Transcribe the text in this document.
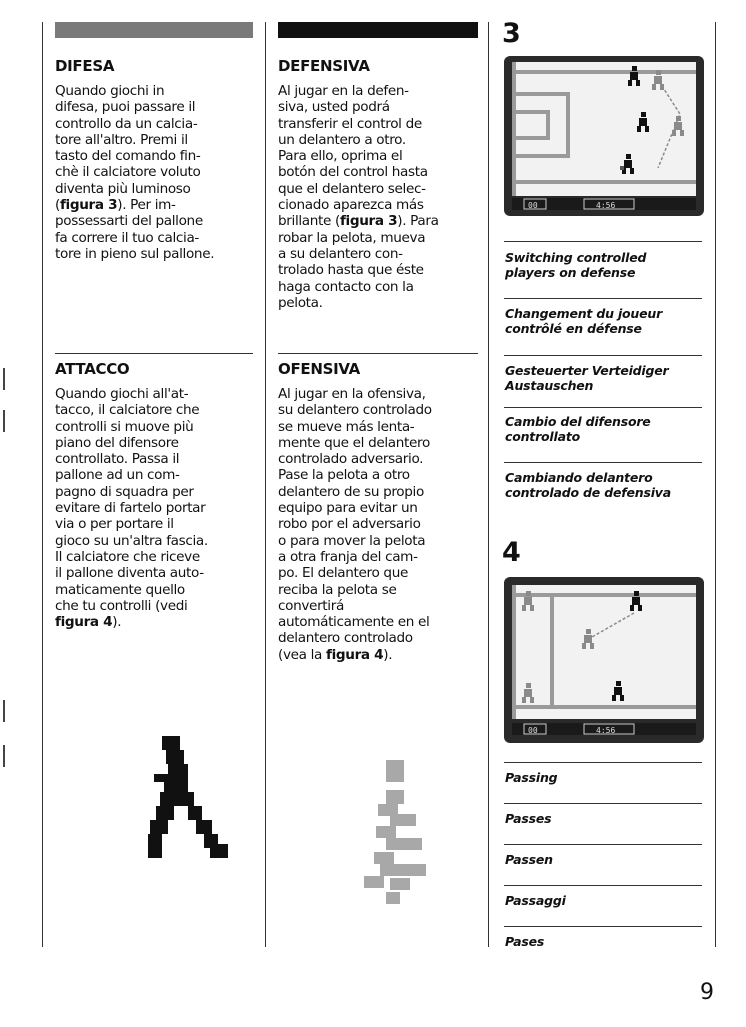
DIFESA
Quando giochi in
difesa, puoi passare il
controllo da un calcia-
tore all'altro. Premi il
tasto del comando fin-
chè il calciatore voluto
diventa più luminoso
(figura 3). Per im-
possessarti del pallone
fa correre il tuo calcia-
tore in pieno sul pallone.
DEFENSIVA
Al jugar en la defen-
siva, usted podrá
transferir el control de
un delantero a otro.
Para ello, oprima el
botón del control hasta
que el delantero selec-
cionado aparezca más
brillante (figura 3). Para
robar la pelota, mueva
a su delantero con-
trolado hasta que éste
haga contacto con la
pelota.
ATTACCO
Quando giochi all'at-
tacco, il calciatore che
controlli si muove più
piano del difensore
controllato. Passa il
pallone ad un com-
pagno di squadra per
evitare di fartelo portar
via o per portare il
gioco su un'altra fascia.
Il calciatore che riceve
il pallone diventa auto-
maticamente quello
che tu controlli (vedi
figura 4).
OFENSIVA
Al jugar en la ofensiva,
su delantero controlado
se mueve más lenta-
mente que el delantero
controlado adversario.
Pase la pelota a otro
delantero de su propio
equipo para evitar un
robo por el adversario
o para mover la pelota
a otra franja del cam-
po. El delantero que
reciba la pelota se
convertirá
automáticamente en el
delantero controlado
(vea la figura 4).
3
00	4:56
Switching controlled players on defense
Changement du joueur contrôlé en défense
Gesteuerter Verteidiger Austauschen
Cambio del difensore controllato
Cambiando delantero controlado de defensiva
4
00	4:56
Passing
Passes
Passen
Passaggi
Pases
9
